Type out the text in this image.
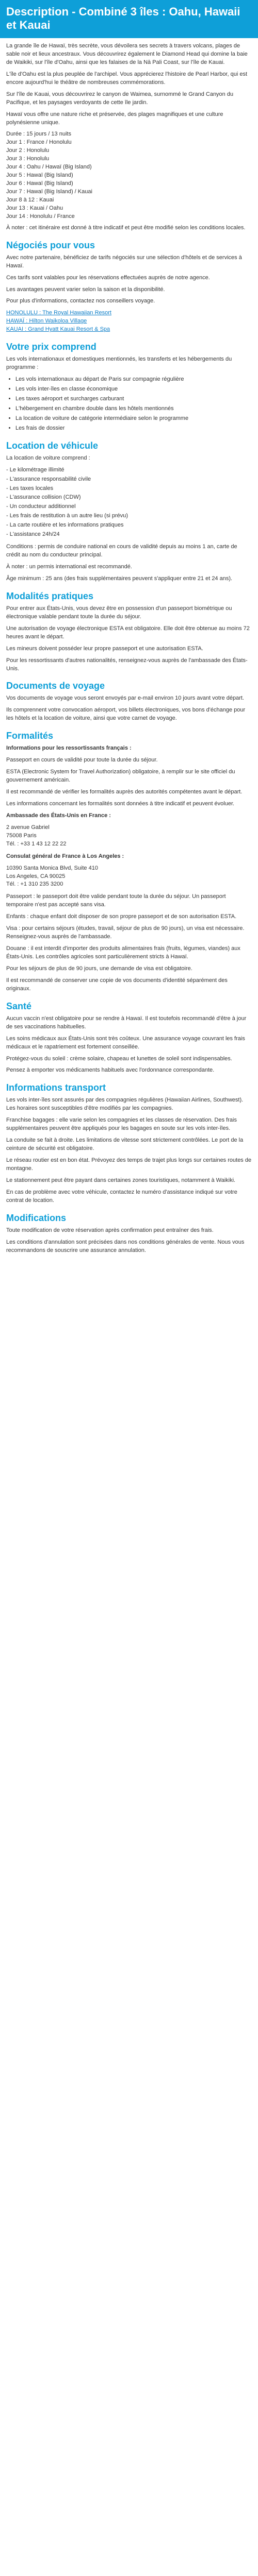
Description - Combiné 3 îles : Oahu, Hawaii
et Kauai

La grande île de Hawaï, très secrète, vous dévoilera ses secrets à travers volcans, plages de sable noir et lieux ancestraux. Vous découvrirez également le Diamond Head qui domine la baie de Waikiki, sur l'île d'Oahu, ainsi que les falaises de la Nā Pali Coast, sur l'île de Kauai.

L'île d'Oahu est la plus peuplée de l'archipel. Vous apprécierez l'histoire de Pearl Harbor, qui est encore aujourd'hui le théâtre de nombreuses commémorations.

Sur l'île de Kauai, vous découvrirez le canyon de Waimea, surnommé le Grand Canyon du Pacifique, et les paysages verdoyants de cette île jardin.

Hawaï vous offre une nature riche et préservée, des plages magnifiques et une culture polynésienne unique.

Durée : 15 jours / 13 nuits
Jour 1 : France / Honolulu
Jour 2 : Honolulu
Jour 3 : Honolulu
Jour 4 : Oahu / Hawaï (Big Island)
Jour 5 : Hawaï (Big Island)
Jour 6 : Hawaï (Big Island)
Jour 7 : Hawaï (Big Island) / Kauai
Jour 8 à 12 : Kauai
Jour 13 : Kauai / Oahu
Jour 14 : Honolulu / France

À noter : cet itinéraire est donné à titre indicatif et peut être modifié selon les conditions locales.

Négociés pour vous

Avec notre partenaire, bénéficiez de tarifs négociés sur une sélection d'hôtels et de services à Hawaï.

Ces tarifs sont valables pour les réservations effectuées auprès de notre agence.

Les avantages peuvent varier selon la saison et la disponibilité.

Pour plus d'informations, contactez nos conseillers voyage.

HONOLULU : The Royal Hawaiian Resort
HAWAÏ : Hilton Waikoloa Village
KAUAI : Grand Hyatt Kauai Resort & Spa
Votre prix comprend

Les vols internationaux et domestiques mentionnés, les transferts et les hébergements du programme :

• Les vols internationaux au départ de Paris sur compagnie régulière
• Les vols inter-îles en classe économique
• Les taxes aéroport et surcharges carburant
• L'hébergement en chambre double dans les hôtels mentionnés
• La location de voiture de catégorie intermédiaire selon le programme
• Les frais de dossier
Location de véhicule

La location de voiture comprend :

- Le kilométrage illimité
- L'assurance responsabilité civile
- Les taxes locales
- L'assurance collision (CDW)
- Un conducteur additionnel
- Les frais de restitution à un autre lieu (si prévu)
- La carte routière et les informations pratiques
- L'assistance 24h/24

Conditions : permis de conduire national en cours de validité depuis au moins 1 an, carte de crédit au nom du conducteur principal.

À noter : un permis international est recommandé.

Âge minimum : 25 ans (des frais supplémentaires peuvent s'appliquer entre 21 et 24 ans).

Modalités pratiques

Pour entrer aux États-Unis, vous devez être en possession d'un passeport biométrique ou électronique valable pendant toute la durée du séjour.

Une autorisation de voyage électronique ESTA est obligatoire. Elle doit être obtenue au moins 72 heures avant le départ.

Les mineurs doivent posséder leur propre passeport et une autorisation ESTA.

Pour les ressortissants d'autres nationalités, renseignez-vous auprès de l'ambassade des États-Unis.

Documents de voyage

Vos documents de voyage vous seront envoyés par e-mail environ 10 jours avant votre départ.

Ils comprennent votre convocation aéroport, vos billets électroniques, vos bons d'échange pour les hôtels et la location de voiture, ainsi que votre carnet de voyage.

Formalités

Informations pour les ressortissants français :

Passeport en cours de validité pour toute la durée du séjour.

ESTA (Electronic System for Travel Authorization) obligatoire, à remplir sur le site officiel du gouvernement américain.

Il est recommandé de vérifier les formalités auprès des autorités compétentes avant le départ.

Les informations concernant les formalités sont données à titre indicatif et peuvent évoluer.

Ambassade des États-Unis en France :

2 avenue Gabriel
75008 Paris
Tél. : +33 1 43 12 22 22

Consulat général de France à Los Angeles :

10390 Santa Monica Blvd, Suite 410
Los Angeles, CA 90025
Tél. : +1 310 235 3200

Passeport : le passeport doit être valide pendant toute la durée du séjour. Un passeport temporaire n'est pas accepté sans visa.

Enfants : chaque enfant doit disposer de son propre passeport et de son autorisation ESTA.

Visa : pour certains séjours (études, travail, séjour de plus de 90 jours), un visa est nécessaire. Renseignez-vous auprès de l'ambassade.

Douane : il est interdit d'importer des produits alimentaires frais (fruits, légumes, viandes) aux États-Unis. Les contrôles agricoles sont particulièrement stricts à Hawaï.

Pour les séjours de plus de 90 jours, une demande de visa est obligatoire.

Il est recommandé de conserver une copie de vos documents d'identité séparément des originaux.

Santé

Aucun vaccin n'est obligatoire pour se rendre à Hawaï. Il est toutefois recommandé d'être à jour de ses vaccinations habituelles.

Les soins médicaux aux États-Unis sont très coûteux. Une assurance voyage couvrant les frais médicaux et le rapatriement est fortement conseillée.

Protégez-vous du soleil : crème solaire, chapeau et lunettes de soleil sont indispensables.

Pensez à emporter vos médicaments habituels avec l'ordonnance correspondante.

Informations transport

Les vols inter-îles sont assurés par des compagnies régulières (Hawaiian Airlines, Southwest). Les horaires sont susceptibles d'être modifiés par les compagnies.

Franchise bagages : elle varie selon les compagnies et les classes de réservation. Des frais supplémentaires peuvent être appliqués pour les bagages en soute sur les vols inter-îles.

La conduite se fait à droite. Les limitations de vitesse sont strictement contrôlées. Le port de la ceinture de sécurité est obligatoire.

Le réseau routier est en bon état. Prévoyez des temps de trajet plus longs sur certaines routes de montagne.

Le stationnement peut être payant dans certaines zones touristiques, notamment à Waikiki.

En cas de problème avec votre véhicule, contactez le numéro d'assistance indiqué sur votre contrat de location.

Modifications

Toute modification de votre réservation après confirmation peut entraîner des frais.

Les conditions d'annulation sont précisées dans nos conditions générales de vente. Nous vous recommandons de souscrire une assurance annulation.
